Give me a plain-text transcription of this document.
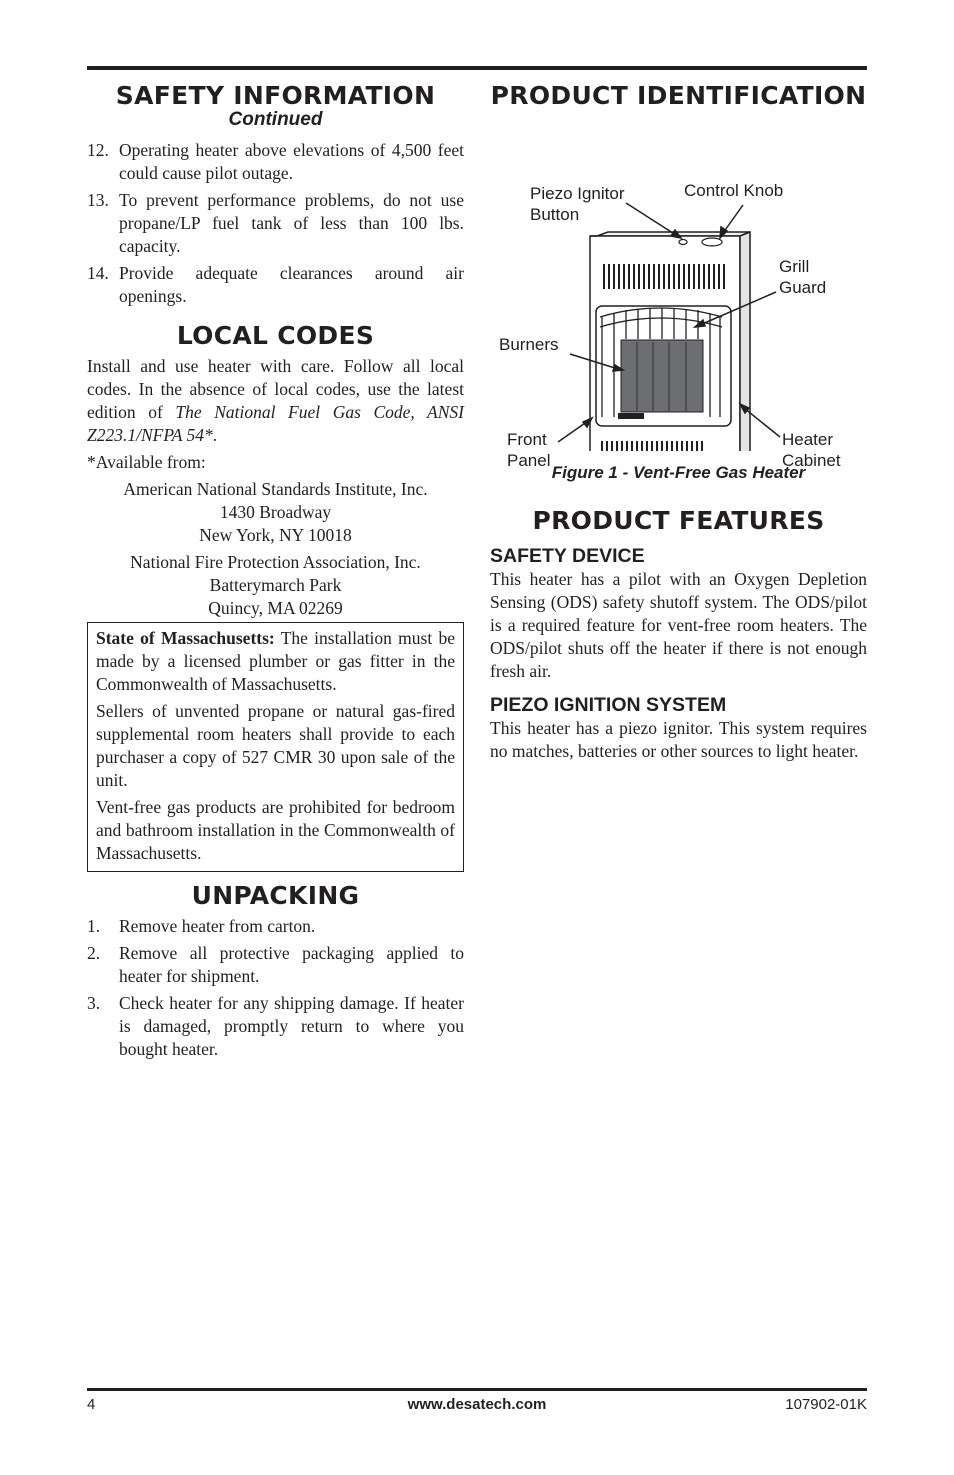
SAFETY INFORMATION
Continued
12. Operating heater above elevations of 4,500 feet could cause pilot outage.
13. To prevent performance problems, do not use propane/LP fuel tank of less than 100 lbs. capacity.
14. Provide adequate clearances around air openings.
LOCAL CODES

Install and use heater with care. Follow all local codes. In the absence of local codes, use the latest edition of The National Fuel Gas Code, ANSI Z223.1/NFPA 54*.

*Available from:

American National Standards Institute, Inc.
1430 Broadway
New York, NY 10018

National Fire Protection Association, Inc.
Batterymarch Park
Quincy, MA 02269

State of Massachusetts: The installation must be made by a licensed plumber or gas fitter in the Commonwealth of Massachusetts.

Sellers of unvented propane or natural gas-fired supplemental room heaters shall provide to each purchaser a copy of 527 CMR 30 upon sale of the unit.

Vent-free gas products are prohibited for bedroom and bathroom installation in the Commonwealth of Massachusetts.

UNPACKING
1.	Remove heater from carton.
2.	Remove all protective packaging applied to heater for shipment.
3.	Check heater for any shipping damage. If heater is damaged, promptly return to where you bought heater.
PRODUCT IDENTIFICATION
Piezo Ignitor
Button
Control Knob
Grill
Guard
Burners
Front
Panel
Heater
Cabinet

Figure 1 - Vent-Free Gas Heater

PRODUCT FEATURES
SAFETY DEVICE

This heater has a pilot with an Oxygen Depletion Sensing (ODS) safety shutoff system. The ODS/pilot is a required feature for vent-free room heaters. The ODS/pilot shuts off the heater if there is not enough fresh air.

PIEZO IGNITION SYSTEM

This heater has a piezo ignitor. This system requires no matches, batteries or other sources to light heater.

4	www.desatech.com	107902-01K
